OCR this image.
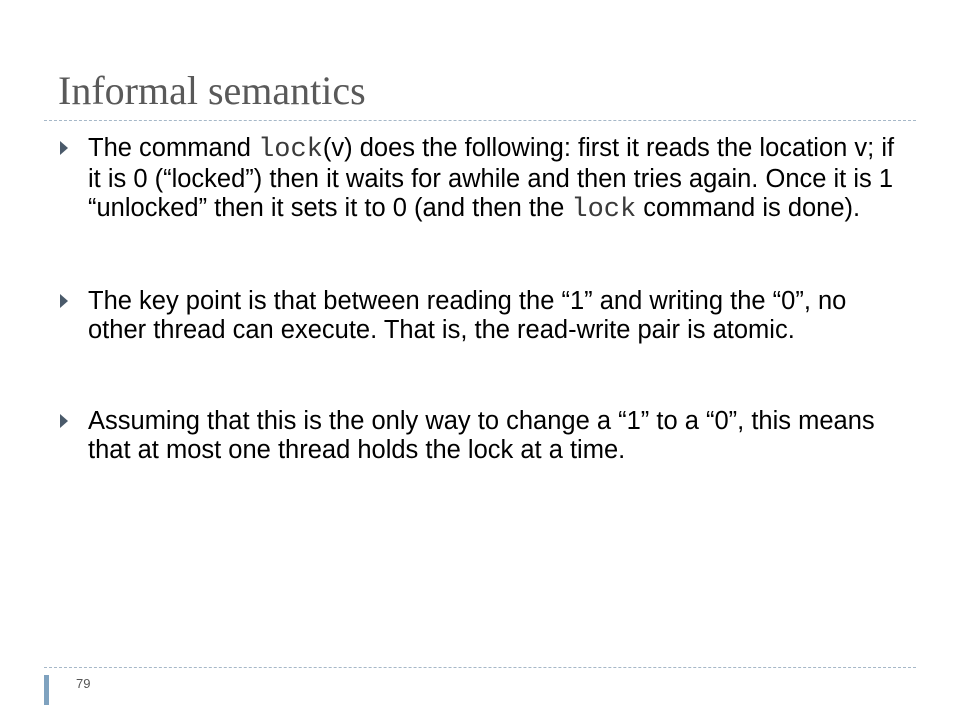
Informal semantics
The command lock(v) does the following: first it reads the location v; if it is 0 (“locked”) then it waits for awhile and then tries again. Once it is 1 “unlocked” then it sets it to 0 (and then the lock command is done).
The key point is that between reading the “1” and writing the “0”, no other thread can execute. That is, the read-write pair is atomic.
Assuming that this is the only way to change a “1” to a “0”, this means that at most one thread holds the lock at a time.
79
